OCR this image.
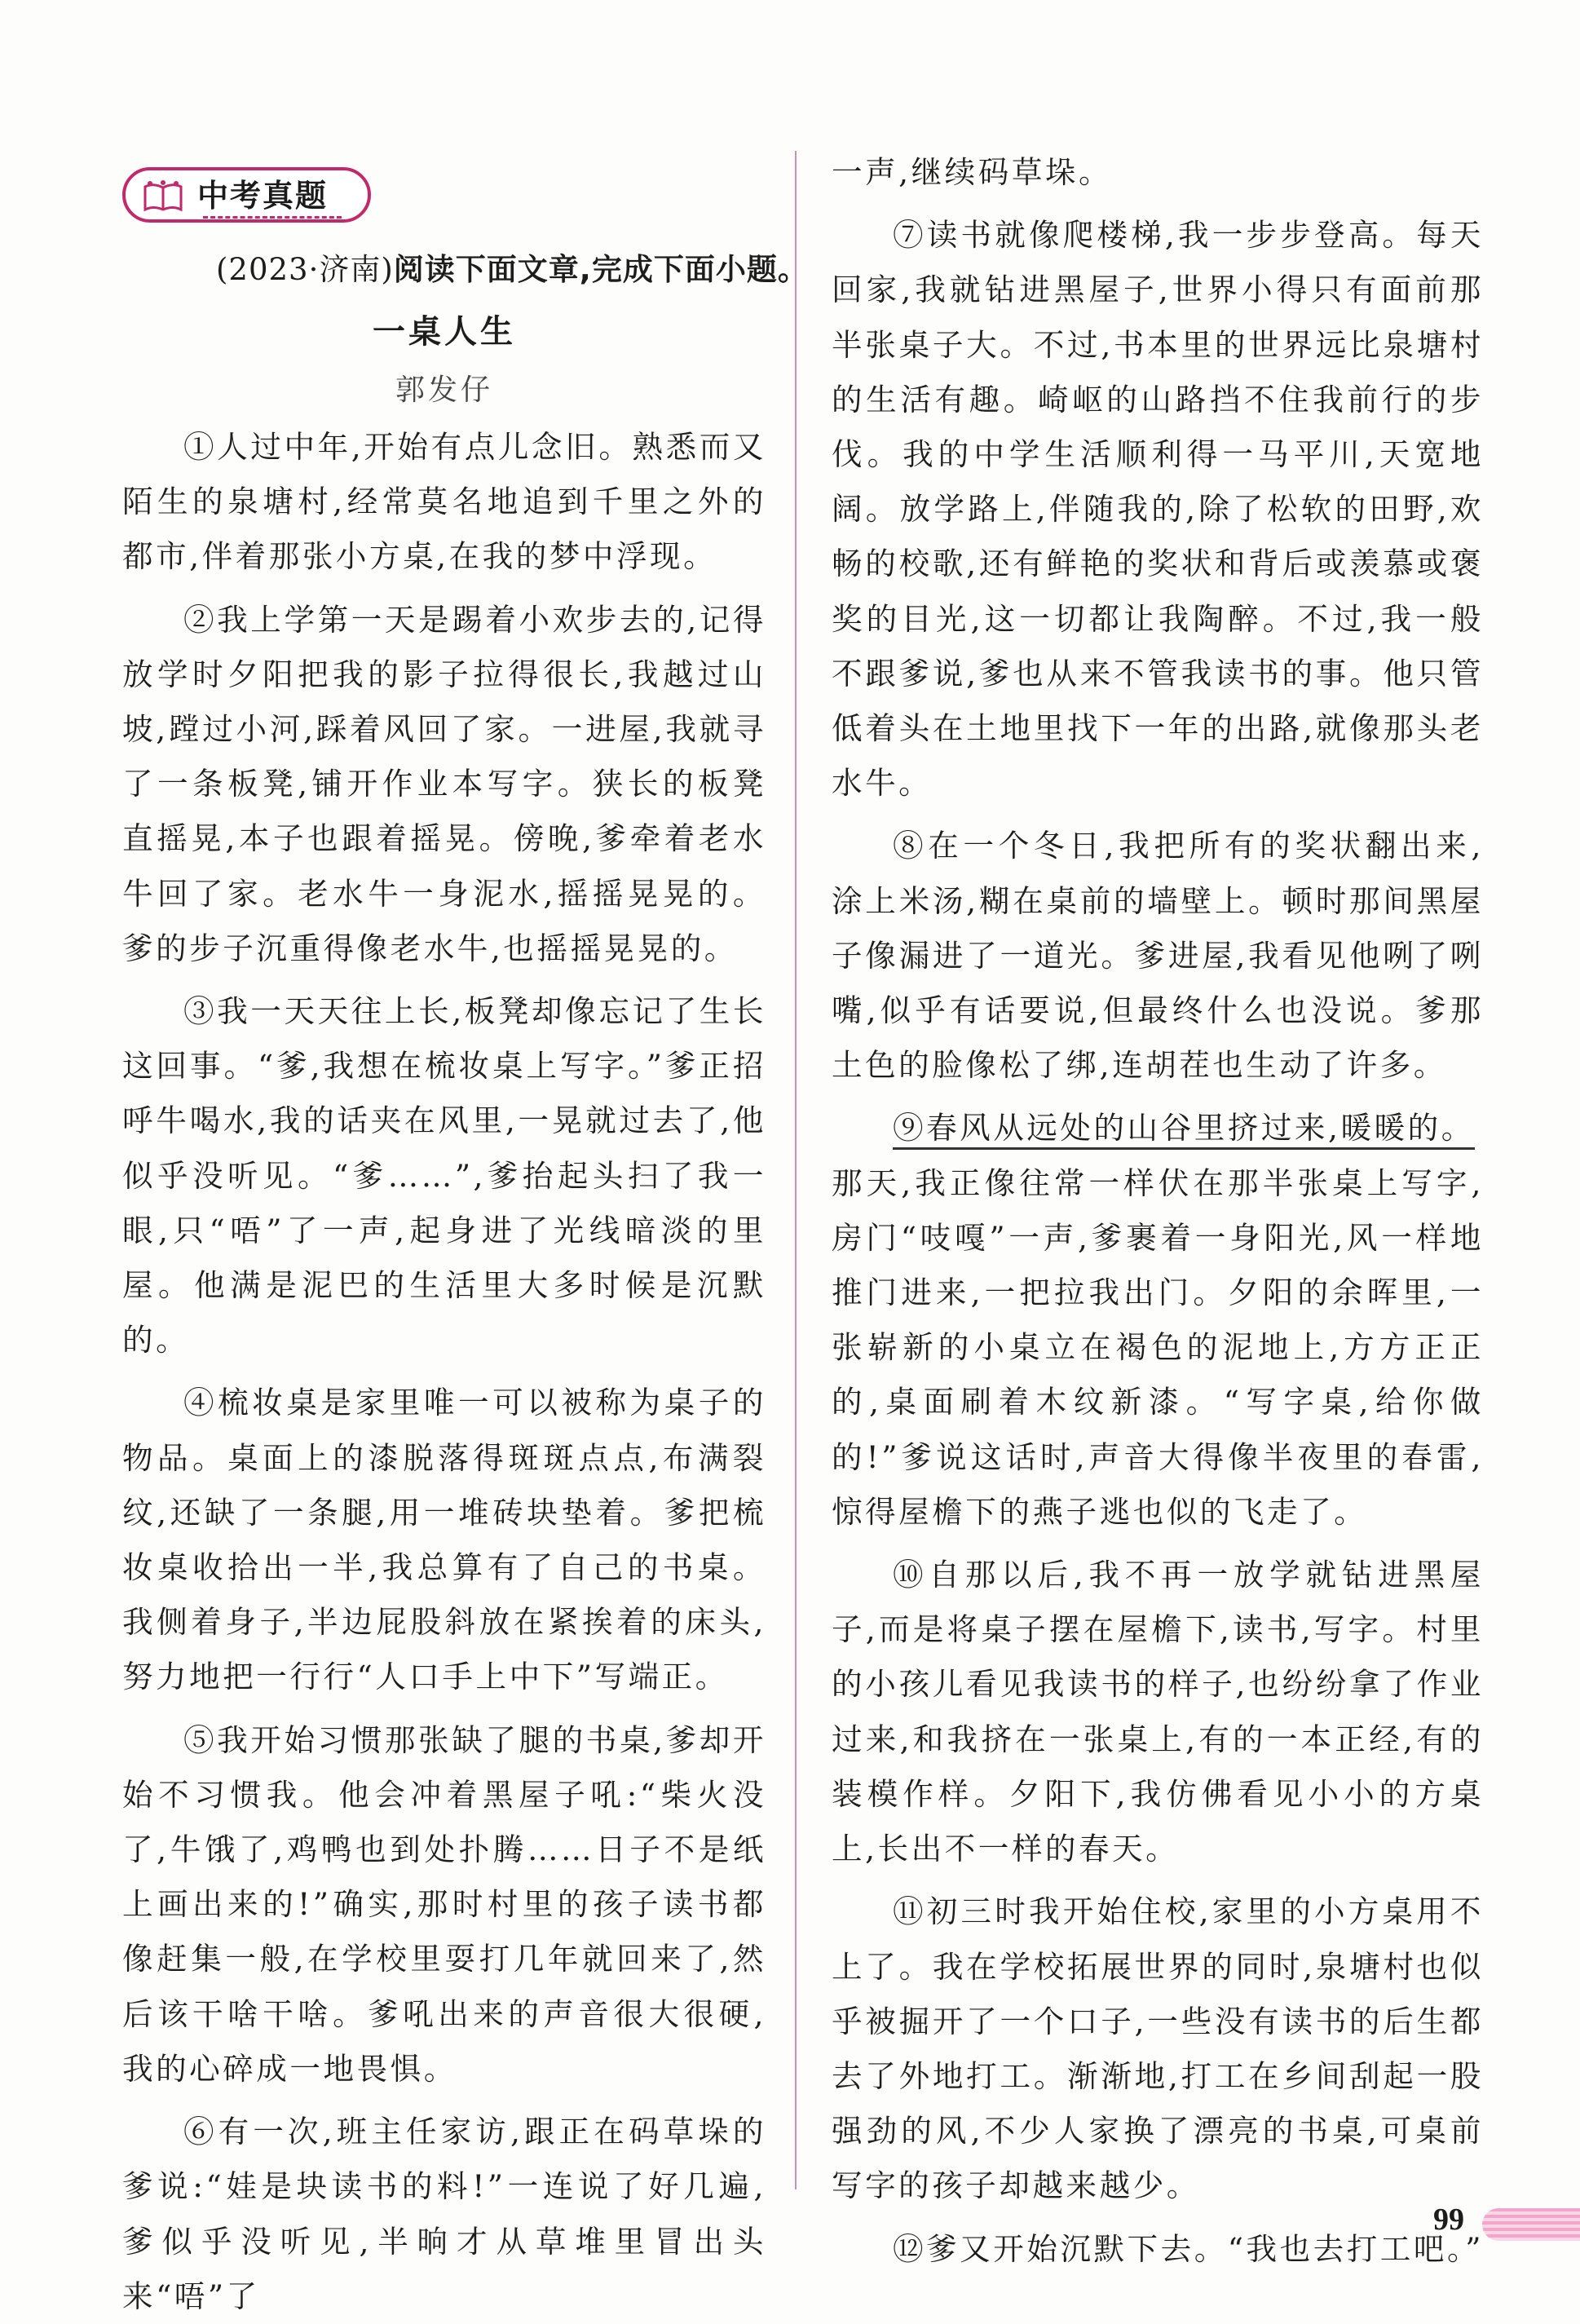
中考真题
(2023·济南)阅读下面文章,完成下面小题。
一桌人生
郭发仔

①人过中年,开始有点儿念旧。熟悉而又陌生的泉塘村,经常莫名地追到千里之外的都市,伴着那张小方桌,在我的梦中浮现。

②我上学第一天是踢着小欢步去的,记得放学时夕阳把我的影子拉得很长,我越过山坡,蹚过小河,踩着风回了家。一进屋,我就寻了一条板凳,铺开作业本写字。狭长的板凳直摇晃,本子也跟着摇晃。傍晚,爹牵着老水牛回了家。老水牛一身泥水,摇摇晃晃的。爹的步子沉重得像老水牛,也摇摇晃晃的。

③我一天天往上长,板凳却像忘记了生长这回事。“爹,我想在梳妆桌上写字。”爹正招呼牛喝水,我的话夹在风里,一晃就过去了,他似乎没听见。“爹……”,爹抬起头扫了我一眼,只“唔”了一声,起身进了光线暗淡的里屋。他满是泥巴的生活里大多时候是沉默的。

④梳妆桌是家里唯一可以被称为桌子的物品。桌面上的漆脱落得斑斑点点,布满裂纹,还缺了一条腿,用一堆砖块垫着。爹把梳妆桌收拾出一半,我总算有了自己的书桌。我侧着身子,半边屁股斜放在紧挨着的床头,努力地把一行行“人口手上中下”写端正。

⑤我开始习惯那张缺了腿的书桌,爹却开始不习惯我。他会冲着黑屋子吼:“柴火没了,牛饿了,鸡鸭也到处扑腾……日子不是纸上画出来的!”确实,那时村里的孩子读书都像赶集一般,在学校里耍打几年就回来了,然后该干啥干啥。爹吼出来的声音很大很硬,我的心碎成一地畏惧。

⑥有一次,班主任家访,跟正在码草垛的爹说:“娃是块读书的料!”一连说了好几遍,爹似乎没听见,半晌才从草堆里冒出头来“唔”了

一声,继续码草垛。

⑦读书就像爬楼梯,我一步步登高。每天回家,我就钻进黑屋子,世界小得只有面前那半张桌子大。不过,书本里的世界远比泉塘村的生活有趣。崎岖的山路挡不住我前行的步伐。我的中学生活顺利得一马平川,天宽地阔。放学路上,伴随我的,除了松软的田野,欢畅的校歌,还有鲜艳的奖状和背后或羡慕或褒奖的目光,这一切都让我陶醉。不过,我一般不跟爹说,爹也从来不管我读书的事。他只管低着头在土地里找下一年的出路,就像那头老水牛。

⑧在一个冬日,我把所有的奖状翻出来,涂上米汤,糊在桌前的墙壁上。顿时那间黑屋子像漏进了一道光。爹进屋,我看见他咧了咧嘴,似乎有话要说,但最终什么也没说。爹那土色的脸像松了绑,连胡茬也生动了许多。

⑨春风从远处的山谷里挤过来,暖暖的。

那天,我正像往常一样伏在那半张桌上写字,房门“吱嘎”一声,爹裹着一身阳光,风一样地推门进来,一把拉我出门。夕阳的余晖里,一张崭新的小桌立在褐色的泥地上,方方正正的,桌面刷着木纹新漆。“写字桌,给你做的!”爹说这话时,声音大得像半夜里的春雷,惊得屋檐下的燕子逃也似的飞走了。

⑩自那以后,我不再一放学就钻进黑屋子,而是将桌子摆在屋檐下,读书,写字。村里的小孩儿看见我读书的样子,也纷纷拿了作业过来,和我挤在一张桌上,有的一本正经,有的装模作样。夕阳下,我仿佛看见小小的方桌上,长出不一样的春天。

⑪初三时我开始住校,家里的小方桌用不上了。我在学校拓展世界的同时,泉塘村也似乎被掘开了一个口子,一些没有读书的后生都去了外地打工。渐渐地,打工在乡间刮起一股强劲的风,不少人家换了漂亮的书桌,可桌前写字的孩子却越来越少。

⑫爹又开始沉默下去。“我也去打工吧。”

99
